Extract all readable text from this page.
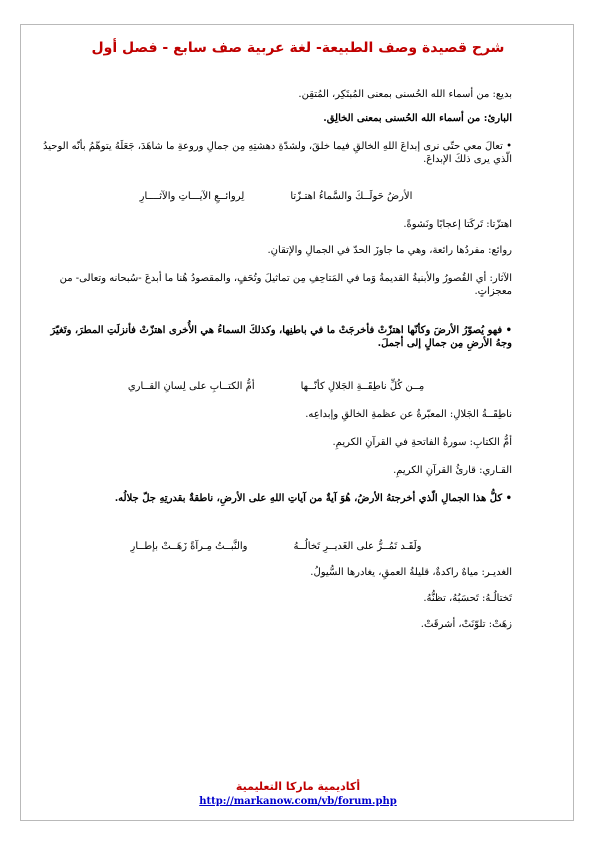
شرح قصيدة وصف الطبيعة- لغة عربية صف سابع - فصل أول
بديع: من أسماء الله الحُسنى بمعنى المُبتَكِر، المُتقِن.
البارئ: من أسماء الله الحُسنى بمعنى الخالِق.
• تعالَ معي حتّى نرى إبداعَ اللهِ الخالقِ فيما خلقَ، ولشدّةِ دهشتِهِ مِن جمالِ وروعةِ ما شاهَدَ، جَعَلَهُ يتوهّمُ بأنّه الوحيدُ الّذي يرى ذلكَ الإبداعَ.
الأرضُ حَولَــكَ والسَّماءُ اهتـزّتا
لِروائــعِ الآيـــاتِ والآثــــارِ
اهتزّتا: تَركَتا إعجابًا ونَشوةً.
روائع: مفردُها رائعة، وهي ما جاوزَ الحدّ في الجمالِ والإتقانِ.
الآثار: أي القُصورُ والأبنيةُ القديمةُ وَما في المَتاحِفِ مِن تماثيلَ وتُحَفٍ، والمقصودُ هُنا ما أبدعَ -سُبحانه وتعالى- من معجزاتٍ.
• فهو يُصوّرُ الأرضَ وكأنّها اهتزّتْ فأخرجَتْ ما في باطنِها، وكذلكَ السماءُ هي الأُخرى اهتزّتْ فأنزلَتِ المطرَ، وتَغيّرَ وجهُ الأرضِ مِن جمالٍ إلى أجملَ.
مِــن كُلِّ ناطِقَــةِ الجَلالِ كأنّــها
أمُّ الكتــابِ على لِسانِ القــاري
ناطِقَــةُ الجَلالِ: المعبّرةُ عن عظمةِ الخالقِ وإبداعِه.
أمُّ الكتابِ: سورةُ الفاتحةِ في القرآنِ الكريمِ.
القـاري: قارئُ القرآنِ الكريمِ.
• كلُّ هذا الجمالِ الّذي أخرجتهُ الأرضُ، هُوَ آيةٌ من آياتِ اللهِ على الأرضِ، ناطقةٌ بقدرتِهِ جلّ جلالُه.
ولَقَـد تَمُــرُّ على الغَديــرِ تَخالُــهُ
والنَّبــتُ مِـرآةً زَهَــتْ بإطــارِ
الغديـر: مياهٌ راكدةٌ، قليلةُ العمقِ، يغادرها السُّيولُ.
تَختالُـهُ: تَحسَبُهُ، تظنُّهُ.
زهَتْ: تلوّنَتْ، أشرقَتْ.
أكاديمية ماركا التعليمية
http://markanow.com/vb/forum.php
